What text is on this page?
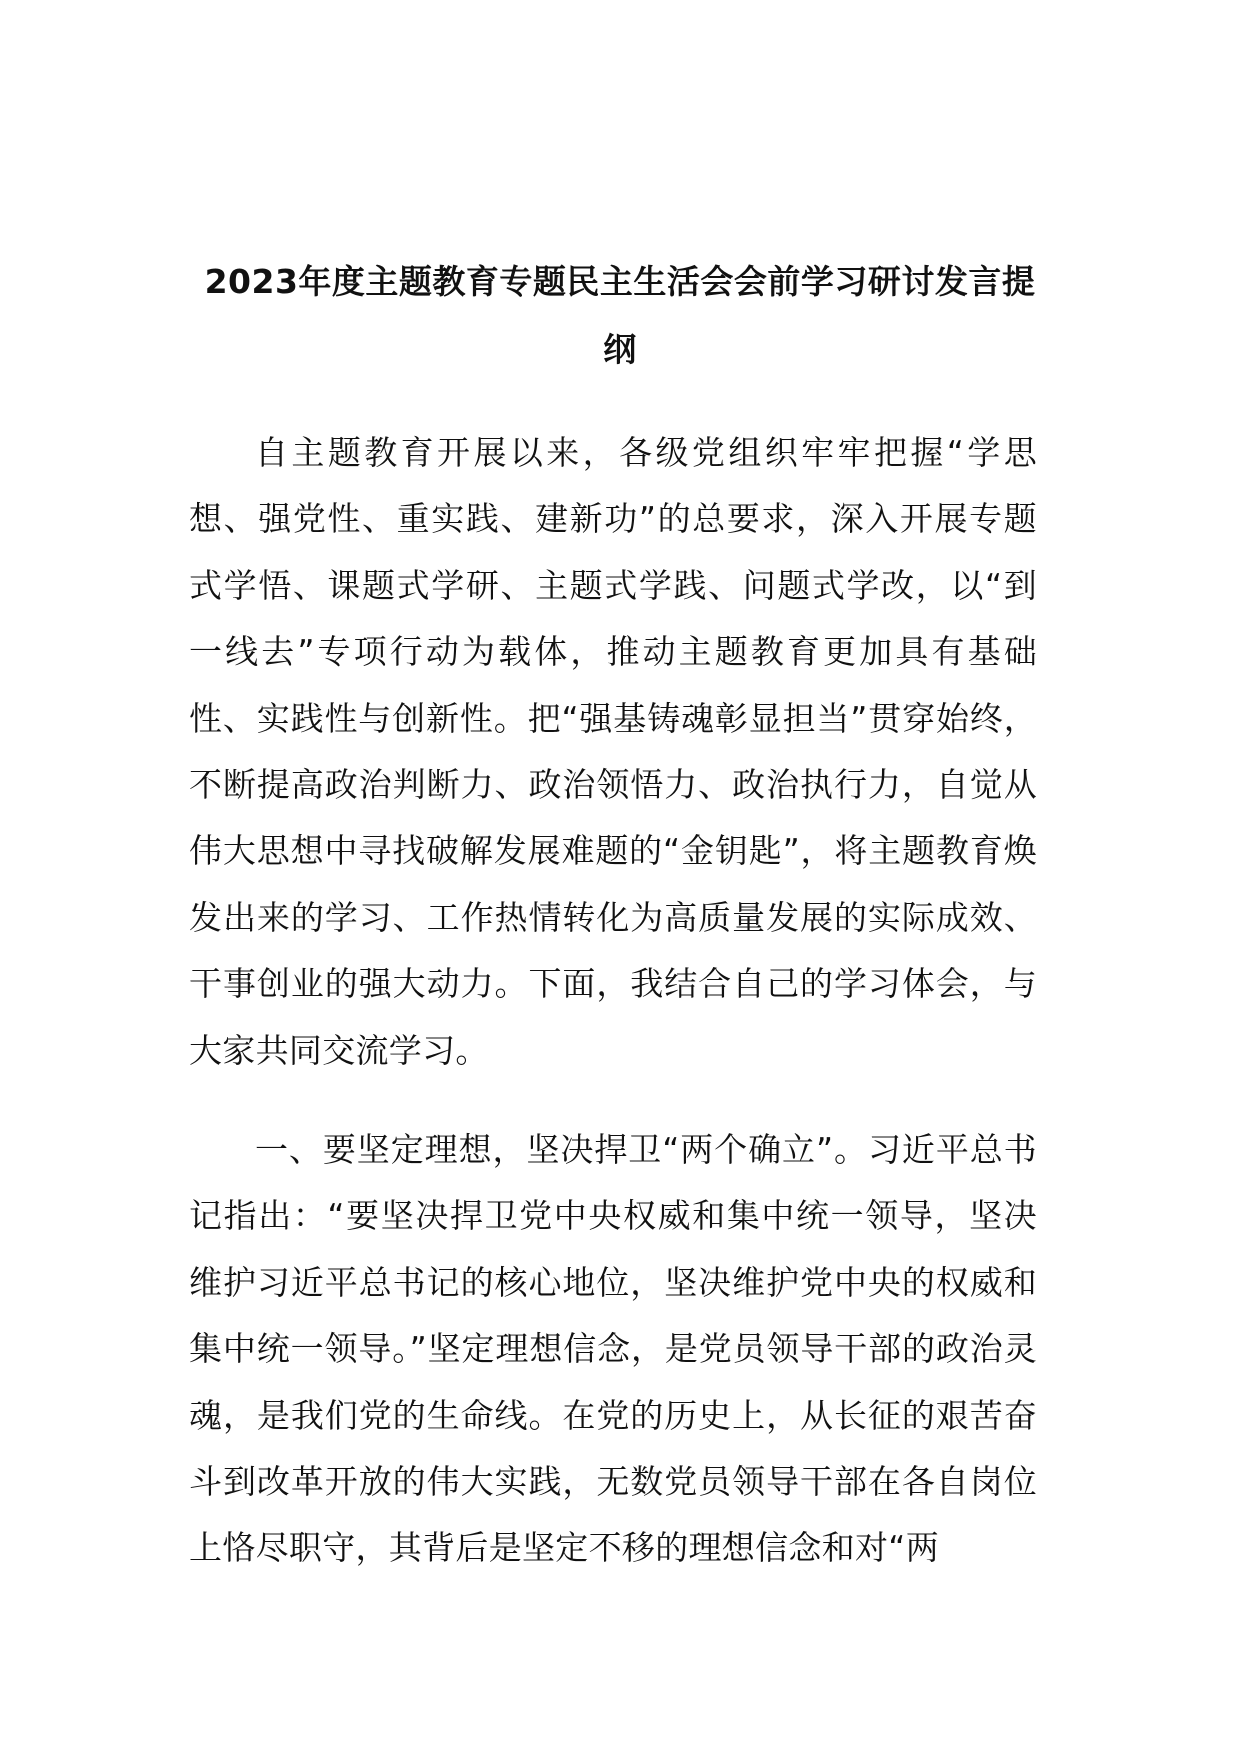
2023年度主题教育专题民主生活会会前学习研讨发言提纲

自主题教育开展以来，各级党组织牢牢把握“学思想、强党性、重实践、建新功”的总要求，深入开展专题式学悟、课题式学研、主题式学践、问题式学改，以“到一线去”专项行动为载体，推动主题教育更加具有基础性、实践性与创新性。把“强基铸魂彰显担当”贯穿始终，不断提高政治判断力、政治领悟力、政治执行力，自觉从伟大思想中寻找破解发展难题的“金钥匙”，将主题教育焕发出来的学习、工作热情转化为高质量发展的实际成效、干事创业的强大动力。下面，我结合自己的学习体会，与大家共同交流学习。

一、要坚定理想，坚决捍卫“两个确立”。习近平总书记指出：“要坚决捍卫党中央权威和集中统一领导，坚决维护习近平总书记的核心地位，坚决维护党中央的权威和集中统一领导。”坚定理想信念，是党员领导干部的政治灵魂，是我们党的生命线。在党的历史上，从长征的艰苦奋斗到改革开放的伟大实践，无数党员领导干部在各自岗位上恪尽职守，其背后是坚定不移的理想信念和对“两
